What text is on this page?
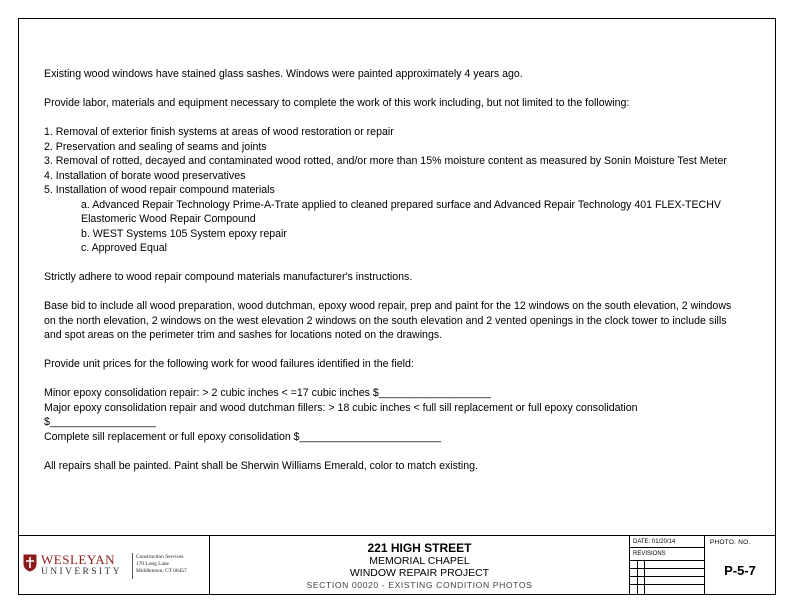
Existing wood windows have stained glass sashes. Windows were painted approximately 4 years ago.

Provide labor, materials and equipment necessary to complete the work of this work including, but not limited to the following:

1. Removal of exterior finish systems at areas of wood restoration or repair

2. Preservation and sealing of seams and joints

3. Removal of rotted, decayed and contaminated wood rotted, and/or more than 15% moisture content as measured by Sonin Moisture Test Meter

4. Installation of borate wood preservatives

5. Installation of wood repair compound materials

a. Advanced Repair Technology Prime-A-Trate applied to cleaned prepared surface and Advanced Repair Technology 401 FLEX-TECHV Elastomeric Wood Repair Compound

b. WEST Systems 105 System epoxy repair

c. Approved Equal

Strictly adhere to wood repair compound materials manufacturer's instructions.

Base bid to include all wood preparation, wood dutchman, epoxy wood repair, prep and paint for the 12 windows on the south elevation, 2 windows on the north elevation, 2 windows on the west elevation 2 windows on the south elevation and 2 vented openings in the clock tower to include sills and spot areas on the perimeter trim and sashes for locations noted on the drawings.

Provide unit prices for the following work for wood failures identified in the field:

Minor epoxy consolidation repair: > 2 cubic inches < =17 cubic inches $___________________

Major epoxy consolidation repair and wood dutchman fillers: > 18 cubic inches < full sill replacement or full epoxy consolidation $__________________

Complete sill replacement or full epoxy consolidation $________________________

All repairs shall be painted. Paint shall be Sherwin Williams Emerald, color to match existing.

WESLEYAN
UNIVERSITY
Construction Services
170 Long Lane
Middletown, CT 06457
221 HIGH STREET
MEMORIAL CHAPEL
WINDOW REPAIR PROJECT
SECTION 00020 - EXISTING CONDITION PHOTOS
DATE: 01/20/14
REVISIONS
PHOTO. NO.
P-5-7
